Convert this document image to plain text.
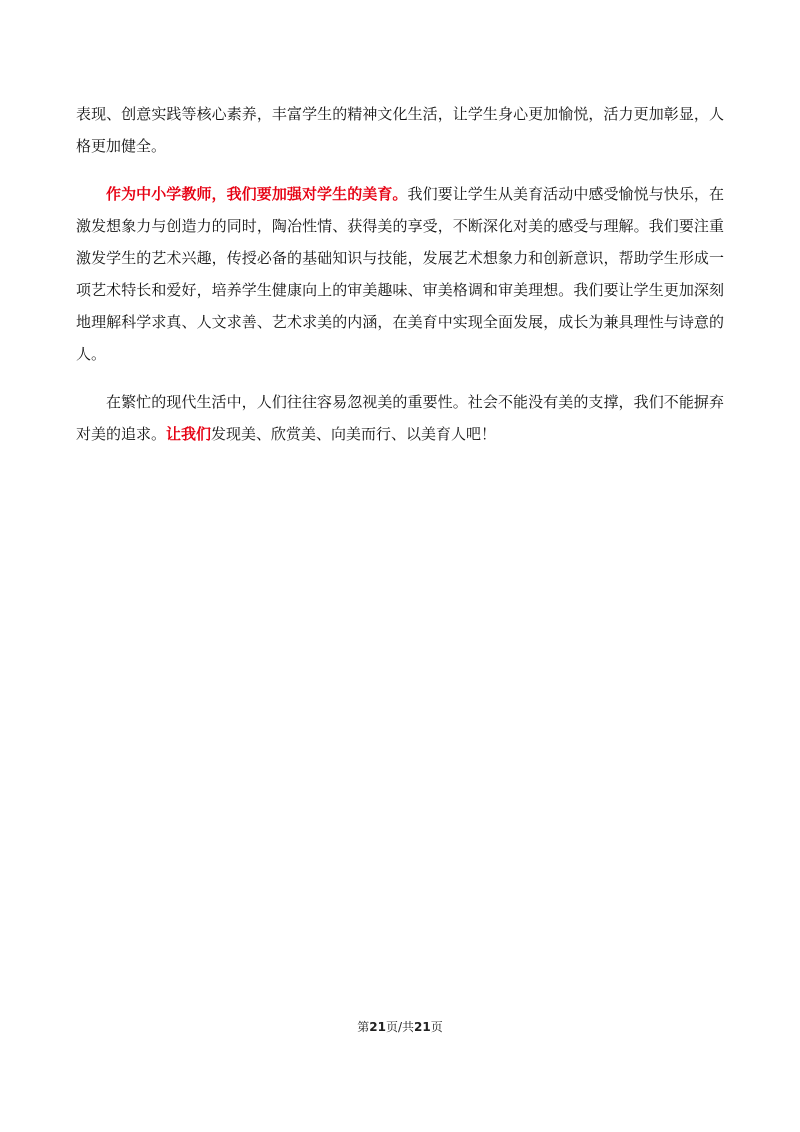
表现、创意实践等核心素养，丰富学生的精神文化生活，让学生身心更加愉悦，活力更加彰显，人格更加健全。

作为中小学教师，我们要加强对学生的美育。我们要让学生从美育活动中感受愉悦与快乐，在激发想象力与创造力的同时，陶冶性情、获得美的享受，不断深化对美的感受与理解。我们要注重激发学生的艺术兴趣，传授必备的基础知识与技能，发展艺术想象力和创新意识，帮助学生形成一项艺术特长和爱好，培养学生健康向上的审美趣味、审美格调和审美理想。我们要让学生更加深刻地理解科学求真、人文求善、艺术求美的内涵，在美育中实现全面发展，成长为兼具理性与诗意的人。

在繁忙的现代生活中，人们往往容易忽视美的重要性。社会不能没有美的支撑，我们不能摒弃对美的追求。让我们发现美、欣赏美、向美而行、以美育人吧！

第21页/共21页
